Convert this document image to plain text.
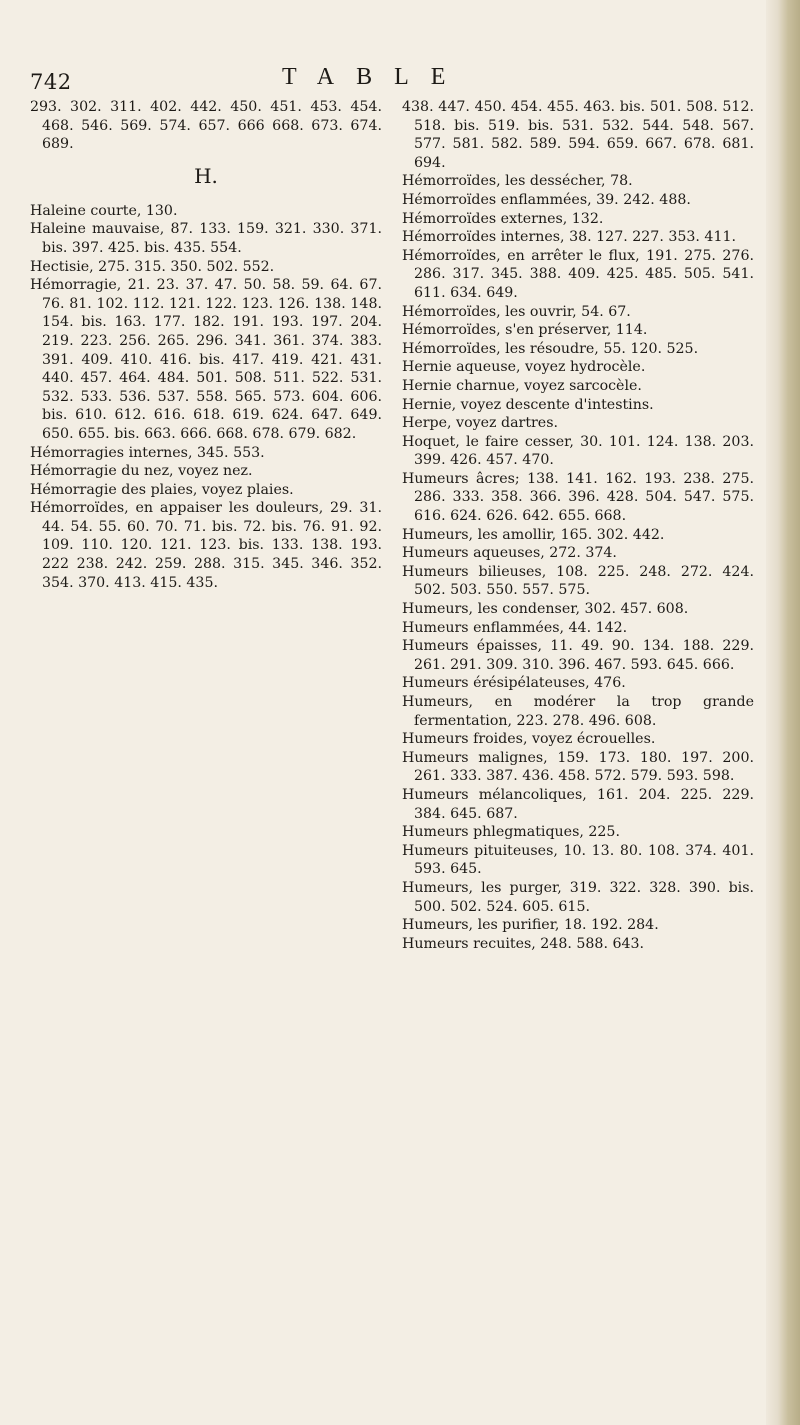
742	TABLE

293. 302. 311. 402. 442. 450. 451. 453. 454. 468. 546. 569. 574. 657. 666 668. 673. 674. 689.

H.

Haleine courte, 130.

Haleine mauvaise, 87. 133. 159. 321. 330. 371. bis. 397. 425. bis. 435. 554.

Hectisie, 275. 315. 350. 502. 552.

Hémorragie, 21. 23. 37. 47. 50. 58. 59. 64. 67. 76. 81. 102. 112. 121. 122. 123. 126. 138. 148. 154. bis. 163. 177. 182. 191. 193. 197. 204. 219. 223. 256. 265. 296. 341. 361. 374. 383. 391. 409. 410. 416. bis. 417. 419. 421. 431. 440. 457. 464. 484. 501. 508. 511. 522. 531. 532. 533. 536. 537. 558. 565. 573. 604. 606. bis. 610. 612. 616. 618. 619. 624. 647. 649. 650. 655. bis. 663. 666. 668. 678. 679. 682.

Hémorragies internes, 345. 553.

Hémorragie du nez, voyez nez.

Hémorragie des plaies, voyez plaies.

Hémorroïdes, en appaiser les douleurs, 29. 31. 44. 54. 55. 60. 70. 71. bis. 72. bis. 76. 91. 92. 109. 110. 120. 121. 123. bis. 133. 138. 193. 222 238. 242. 259. 288. 315. 345. 346. 352. 354. 370. 413. 415. 435.

438. 447. 450. 454. 455. 463. bis. 501. 508. 512. 518. bis. 519. bis. 531. 532. 544. 548. 567. 577. 581. 582. 589. 594. 659. 667. 678. 681. 694.

Hémorroïdes, les dessécher, 78.

Hémorroïdes enflammées, 39. 242. 488.

Hémorroïdes externes, 132.

Hémorroïdes internes, 38. 127. 227. 353. 411.

Hémorroïdes, en arrêter le flux, 191. 275. 276. 286. 317. 345. 388. 409. 425. 485. 505. 541. 611. 634. 649.

Hémorroïdes, les ouvrir, 54. 67.

Hémorroïdes, s'en préserver, 114.

Hémorroïdes, les résoudre, 55. 120. 525.

Hernie aqueuse, voyez hydrocèle.

Hernie charnue, voyez sarcocèle.

Hernie, voyez descente d'intestins.

Herpe, voyez dartres.

Hoquet, le faire cesser, 30. 101. 124. 138. 203. 399. 426. 457. 470.

Humeurs âcres; 138. 141. 162. 193. 238. 275. 286. 333. 358. 366. 396. 428. 504. 547. 575. 616. 624. 626. 642. 655. 668.

Humeurs, les amollir, 165. 302. 442.

Humeurs aqueuses, 272. 374.

Humeurs bilieuses, 108. 225. 248. 272. 424. 502. 503. 550. 557. 575.

Humeurs, les condenser, 302. 457. 608.

Humeurs enflammées, 44. 142.

Humeurs épaisses, 11. 49. 90. 134. 188. 229. 261. 291. 309. 310. 396. 467. 593. 645. 666.

Humeurs érésipélateuses, 476.

Humeurs, en modérer la trop grande fermentation, 223. 278. 496. 608.

Humeurs froides, voyez écrouelles.

Humeurs malignes, 159. 173. 180. 197. 200. 261. 333. 387. 436. 458. 572. 579. 593. 598.

Humeurs mélancoliques, 161. 204. 225. 229. 384. 645. 687.

Humeurs phlegmatiques, 225.

Humeurs pituiteuses, 10. 13. 80. 108. 374. 401. 593. 645.

Humeurs, les purger, 319. 322. 328. 390. bis. 500. 502. 524. 605. 615.

Humeurs, les purifier, 18. 192. 284.

Humeurs recuites, 248. 588. 643.
